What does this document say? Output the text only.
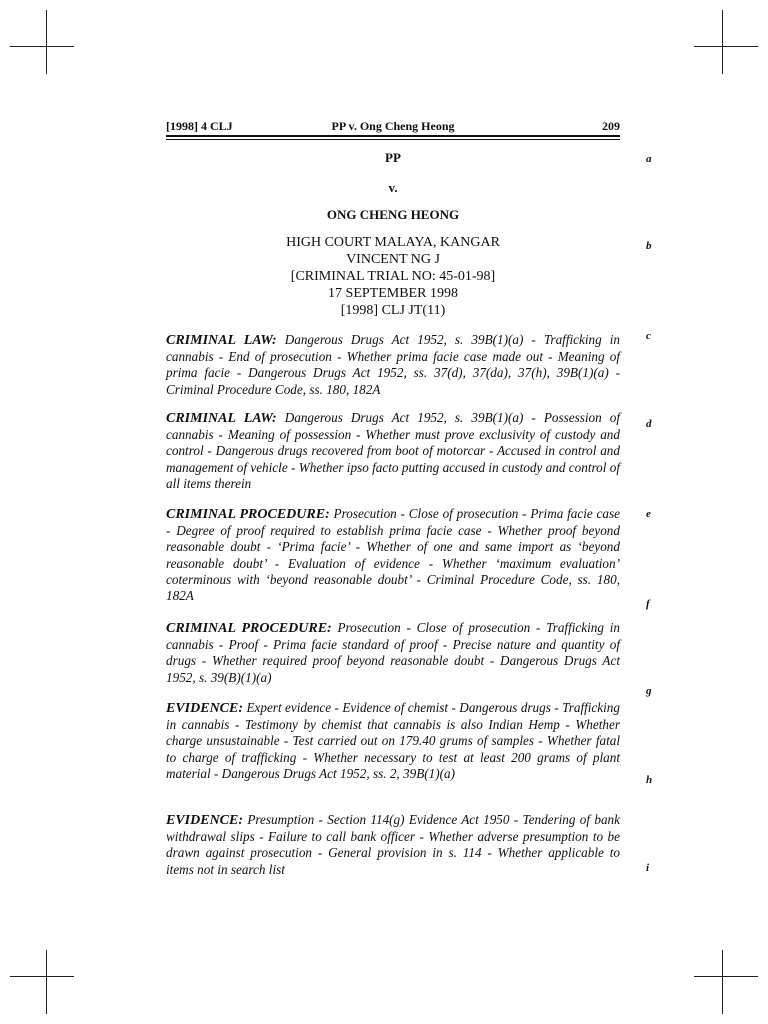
[1998] 4 CLJ	PP v. Ong Cheng Heong	209
PP
v.
ONG CHENG HEONG
HIGH COURT MALAYA, KANGAR
VINCENT NG J
[CRIMINAL TRIAL NO: 45-01-98]
17 SEPTEMBER 1998
[1998] CLJ JT(11)
CRIMINAL LAW: Dangerous Drugs Act 1952, s. 39B(1)(a) - Trafficking in cannabis - End of prosecution - Whether prima facie case made out - Meaning of prima facie - Dangerous Drugs Act 1952, ss. 37(d), 37(da), 37(h), 39B(1)(a) - Criminal Procedure Code, ss. 180, 182A
CRIMINAL LAW: Dangerous Drugs Act 1952, s. 39B(1)(a) - Possession of cannabis - Meaning of possession - Whether must prove exclusivity of custody and control - Dangerous drugs recovered from boot of motorcar - Accused in control and management of vehicle - Whether ipso facto putting accused in custody and control of all items therein
CRIMINAL PROCEDURE: Prosecution - Close of prosecution - Prima facie case - Degree of proof required to establish prima facie case - Whether proof beyond reasonable doubt - ‘Prima facie’ - Whether of one and same import as ‘beyond reasonable doubt’ - Evaluation of evidence - Whether ‘maximum evaluation’ coterminous with ‘beyond reasonable doubt’ - Criminal Procedure Code, ss. 180, 182A
CRIMINAL PROCEDURE: Prosecution - Close of prosecution - Trafficking in cannabis - Proof - Prima facie standard of proof - Precise nature and quantity of drugs - Whether required proof beyond reasonable doubt - Dangerous Drugs Act 1952, s. 39(B)(1)(a)
EVIDENCE: Expert evidence - Evidence of chemist - Dangerous drugs - Trafficking in cannabis - Testimony by chemist that cannabis is also Indian Hemp - Whether charge unsustainable - Test carried out on 179.40 grums of samples - Whether fatal to charge of trafficking - Whether necessary to test at least 200 grams of plant material - Dangerous Drugs Act 1952, ss. 2, 39B(1)(a)
EVIDENCE: Presumption - Section 114(g) Evidence Act 1950 - Tendering of bank withdrawal slips - Failure to call bank officer - Whether adverse presumption to be drawn against prosecution - General provision in s. 114 - Whether applicable to items not in search list
a
b
c
d
e
f
g
h
i
